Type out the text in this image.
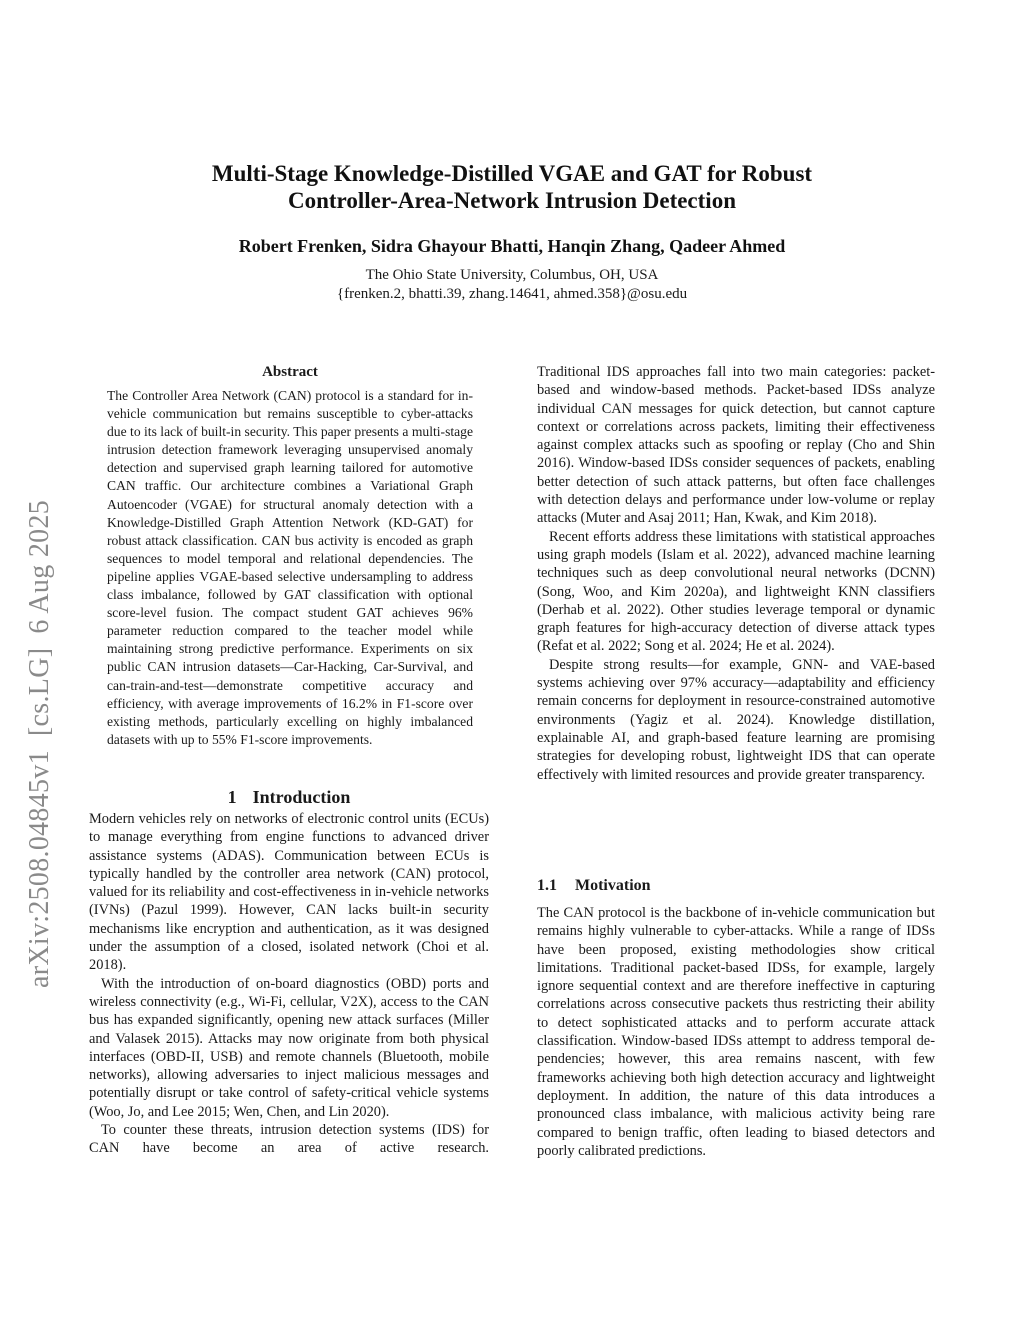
arXiv:2508.04845v1[cs.LG]6 Aug 2025
Multi-Stage Knowledge-Distilled VGAE and GAT for Robust
Controller-Area-Network Intrusion Detection
Robert Frenken, Sidra Ghayour Bhatti, Hanqin Zhang, Qadeer Ahmed
The Ohio State University, Columbus, OH, USA
{frenken.2, bhatti.39, zhang.14641, ahmed.358}@osu.edu
Abstract

The Controller Area Network (CAN) protocol is a standard for in-vehicle communication but remains susceptible to cyber-attacks due to its lack of built-in security. This paper presents a multi-stage intrusion detection framework leveraging unsupervised anomaly detection and supervised graph learning tailored for automotive CAN traffic. Our architecture combines a Variational Graph Autoencoder (VGAE) for structural anomaly detection with a Knowledge-Distilled Graph Attention Network (KD-GAT) for robust attack classification. CAN bus activity is encoded as graph sequences to model temporal and relational dependencies. The pipeline applies VGAE-based selective undersampling to address class imbalance, followed by GAT classification with optional score-level fusion. The compact student GAT achieves 96% parameter reduction compared to the teacher model while maintaining strong predictive performance. Experiments on six public CAN intrusion datasets—Car-Hacking, Car-Survival, and can-train-and-test—demonstrate competitive accuracy and efficiency, with average improvements of 16.2% in F1-score over existing methods, particularly excelling on highly imbalanced datasets with up to 55% F1-score improvements.

1 Introduction

Modern vehicles rely on networks of electronic control units (ECUs) to manage everything from engine functions to advanced driver assistance systems (ADAS). Communication between ECUs is typically handled by the controller area network (CAN) protocol, valued for its reliability and cost-effectiveness in in-vehicle networks (IVNs) (Pazul 1999). However, CAN lacks built-in security mechanisms like encryption and authentication, as it was designed under the assumption of a closed, isolated network (Choi et al. 2018).

With the introduction of on-board diagnostics (OBD) ports and wireless connectivity (e.g., Wi-Fi, cellular, V2X), access to the CAN bus has expanded significantly, opening new attack surfaces (Miller and Valasek 2015). Attacks may now originate from both physical interfaces (OBD-II, USB) and remote channels (Bluetooth, mobile networks), allowing adversaries to inject malicious messages and potentially disrupt or take control of safety-critical vehicle systems (Woo, Jo, and Lee 2015; Wen, Chen, and Lin 2020).

To counter these threats, intrusion detection systems (IDS) for CAN have become an area of active research.

Traditional IDS approaches fall into two main categories: packet-based and window-based methods. Packet-based IDSs analyze individual CAN messages for quick detection, but cannot capture context or correlations across packets, limiting their effectiveness against complex attacks such as spoofing or replay (Cho and Shin 2016). Window-based IDSs consider sequences of packets, enabling better detection of such attack patterns, but often face challenges with detection delays and performance under low-volume or replay attacks (Muter and Asaj 2011; Han, Kwak, and Kim 2018).

Recent efforts address these limitations with statistical approaches using graph models (Islam et al. 2022), advanced machine learning techniques such as deep convolutional neural networks (DCNN) (Song, Woo, and Kim 2020a), and lightweight KNN classifiers (Derhab et al. 2022). Other studies leverage temporal or dynamic graph features for high-accuracy detection of diverse attack types (Refat et al. 2022; Song et al. 2024; He et al. 2024).

Despite strong results—for example, GNN- and VAE-based systems achieving over 97% accuracy—adaptability and efficiency remain concerns for deployment in resource-constrained automotive environments (Yagiz et al. 2024). Knowledge distillation, explainable AI, and graph-based feature learning are promising strategies for developing robust, lightweight IDS that can operate effectively with limited resources and provide greater transparency.

1.1 Motivation

The CAN protocol is the backbone of in-vehicle communication but remains highly vulnerable to cyber-attacks. While a range of IDSs have been proposed, existing methodologies show critical limitations. Traditional packet-based IDSs, for example, largely ignore sequential context and are therefore ineffective in capturing correlations across consecutive packets thus restricting their ability to detect sophisticated attacks and to perform accurate attack classification. Window-based IDSs attempt to address temporal dependencies; however, this area remains nascent, with few frameworks achieving both high detection accuracy and lightweight deployment. In addition, the nature of this data introduces a pronounced class imbalance, with malicious activity being rare compared to benign traffic, often leading to biased detectors and poorly calibrated predictions.
